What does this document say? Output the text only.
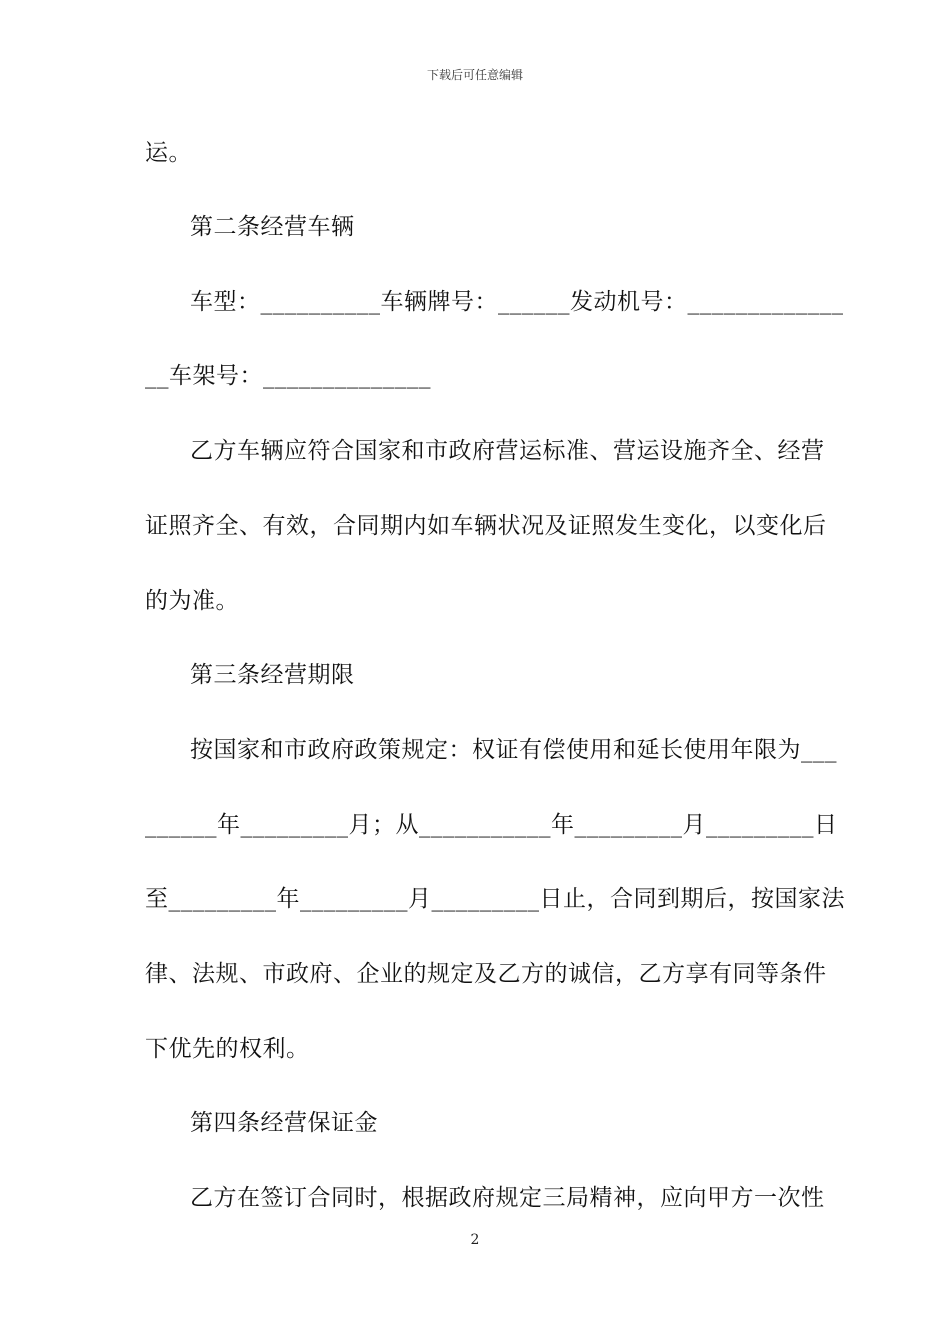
下载后可任意编辑
运。
第二条经营车辆
车型：__________车辆牌号：______发动机号：_____________
__车架号：______________
乙方车辆应符合国家和市政府营运标准、营运设施齐全、经营
证照齐全、有效，合同期内如车辆状况及证照发生变化，以变化后
的为准。
第三条经营期限
按国家和市政府政策规定：权证有偿使用和延长使用年限为___
______年_________月；从___________年_________月_________日
至_________年_________月_________日止，合同到期后，按国家法
律、法规、市政府、企业的规定及乙方的诚信，乙方享有同等条件
下优先的权利。
第四条经营保证金
乙方在签订合同时，根据政府规定三局精神，应向甲方一次性
2
